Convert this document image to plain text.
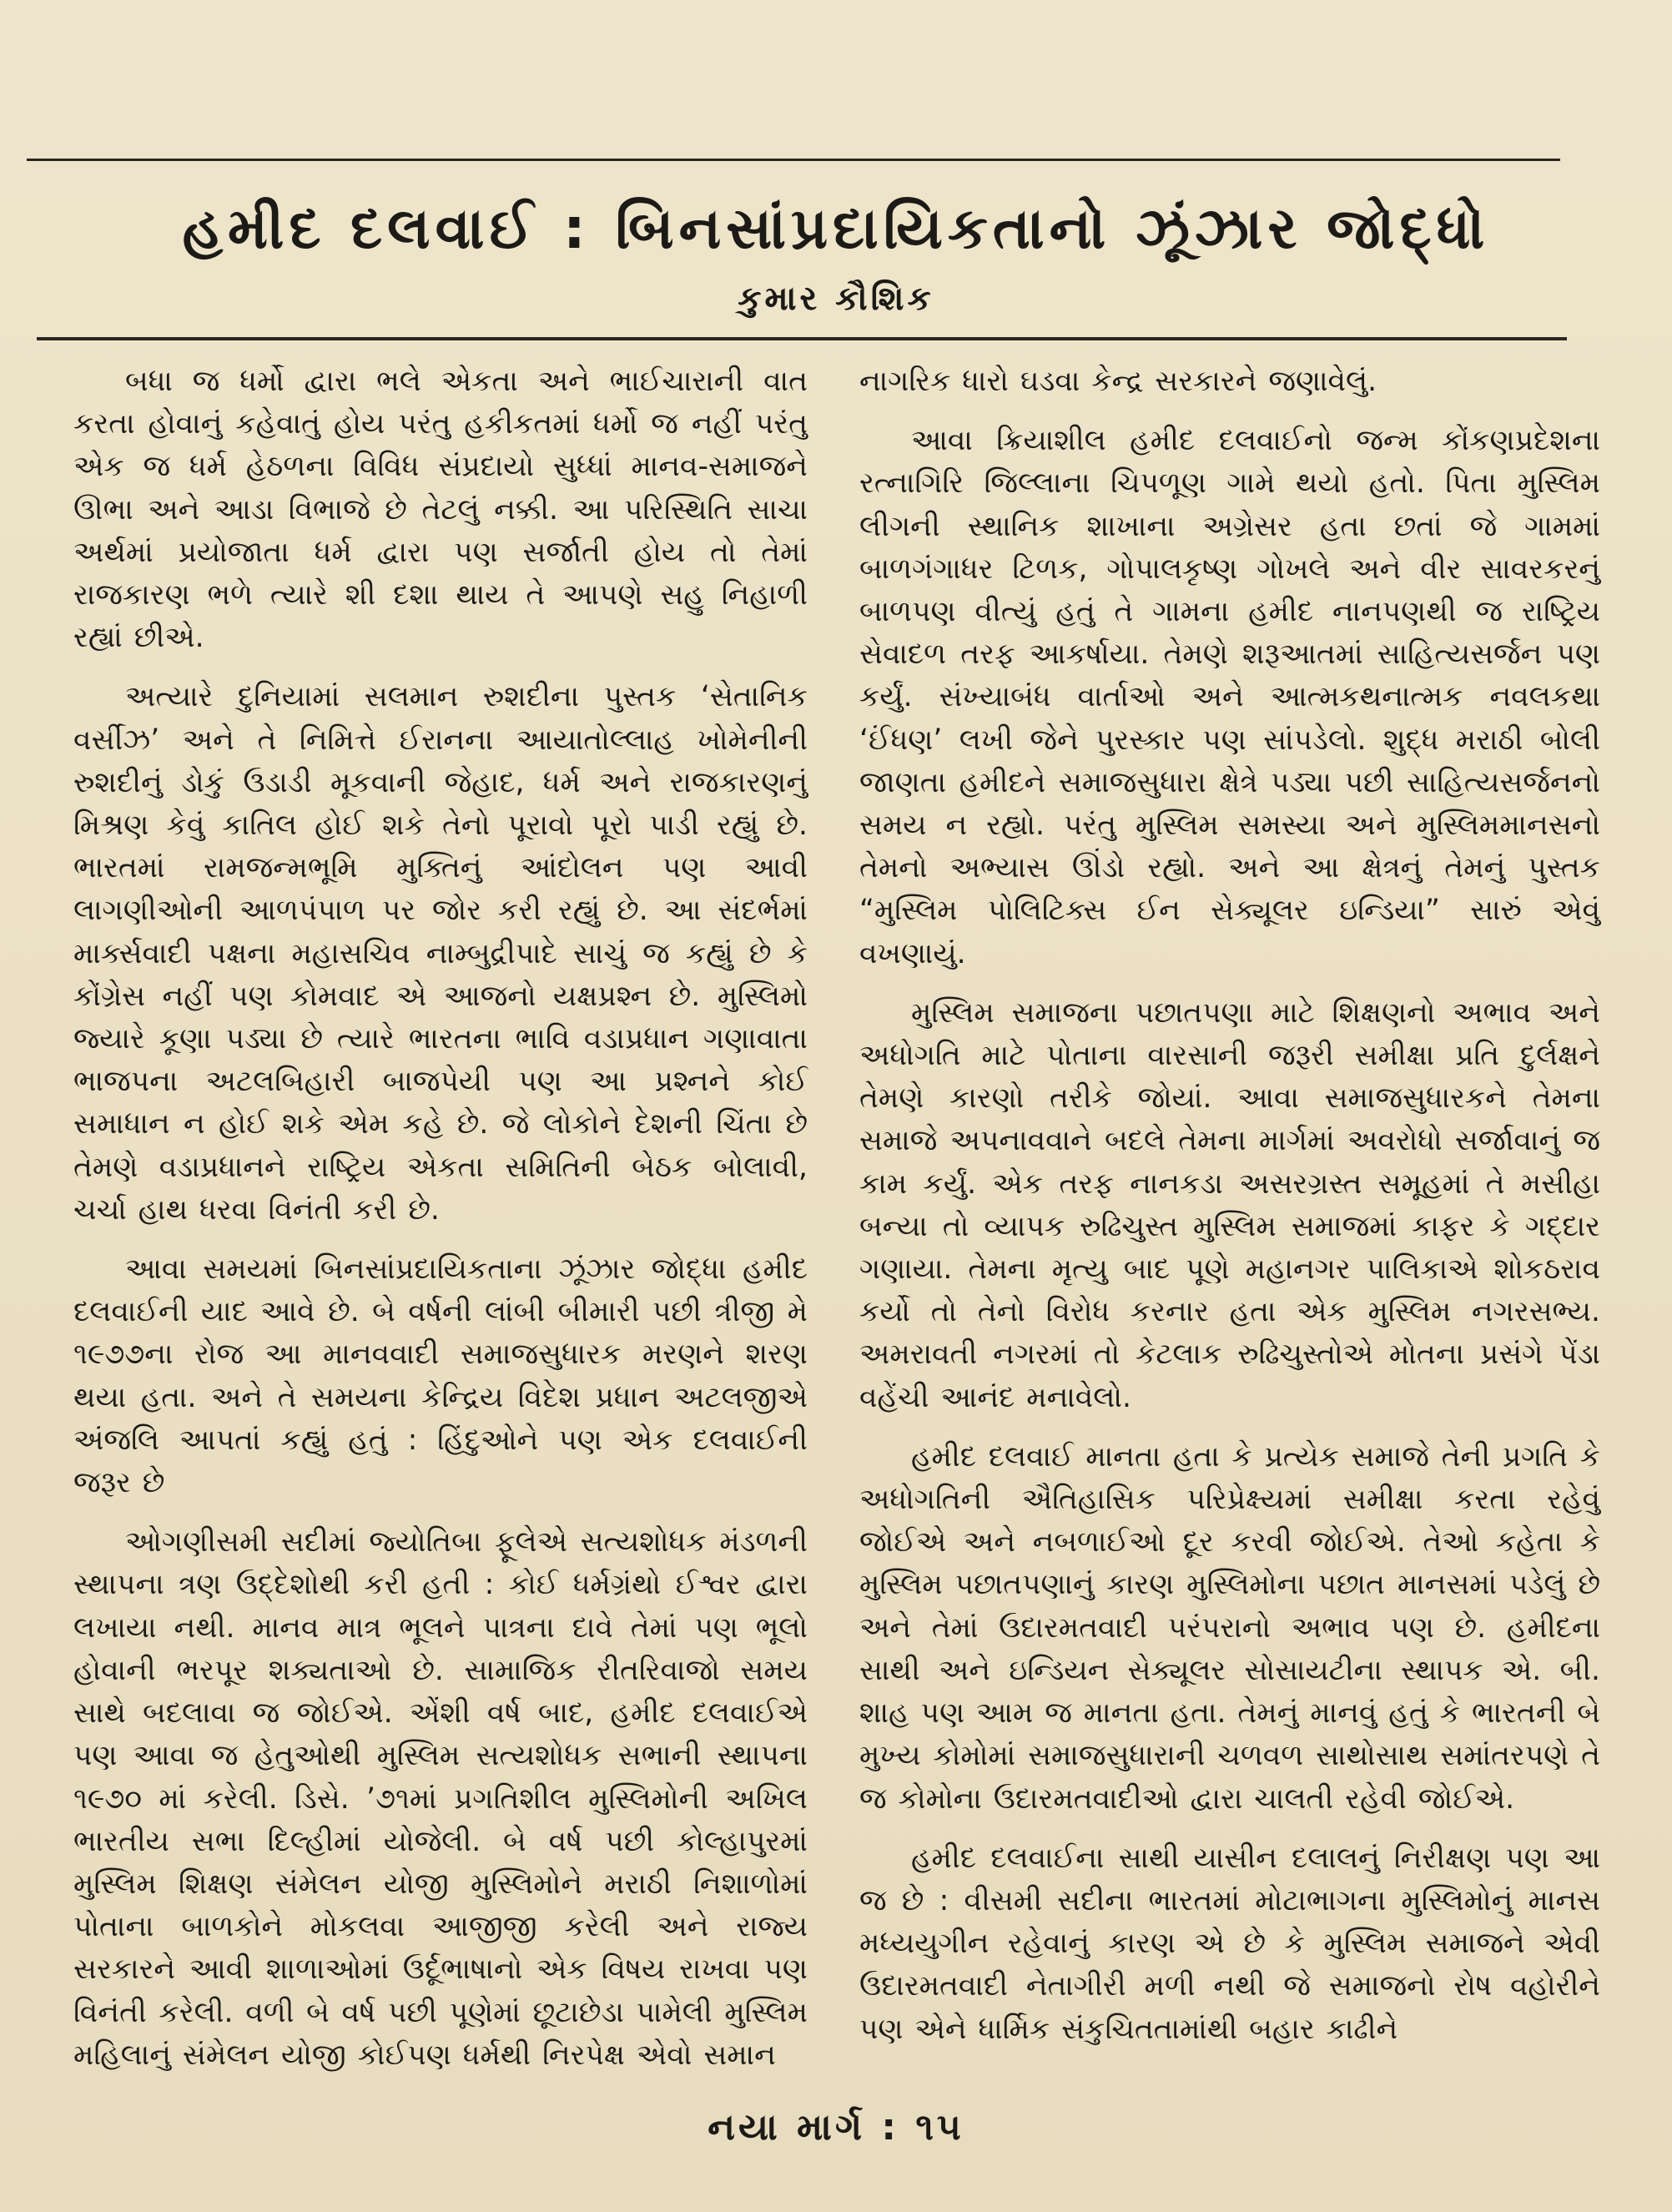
હમીદ દલવાઈ : બિનસાંપ્રદાયિકતાનો ઝૂંઝાર જોદ્ધો
કુમાર કૌશિક

બધા જ ધર્મો દ્વારા ભલે એકતા અને ભાઈચારાની વાત કરતા હોવાનું કહેવાતું હોય પરંતુ હકીકતમાં ધર્મો જ નહીં પરંતુ એક જ ધર્મ હેઠળના વિવિધ સંપ્રદાયો સુધ્ધાં માનવ-સમાજને ઊભા અને આડા વિભાજે છે તેટલું નક્કી. આ પરિસ્થિતિ સાચા અર્થમાં પ્રયોજાતા ધર્મ દ્વારા પણ સર્જાતી હોય તો તેમાં રાજકારણ ભળે ત્યારે શી દશા થાય તે આપણે સહુ નિહાળી રહ્યાં છીએ.

અત્યારે દુનિયામાં સલમાન રુશદીના પુસ્તક ‘સેતાનિક વર્સીઝ’ અને તે નિમિત્તે ઈરાનના આયાતોલ્લાહ ખોમેનીની રુશદીનું ડોકું ઉડાડી મૂકવાની જેહાદ, ધર્મ અને રાજકારણનું મિશ્રણ કેવું કાતિલ હોઈ શકે તેનો પૂરાવો પૂરો પાડી રહ્યું છે. ભારતમાં રામજન્મભૂમિ મુક્તિનું આંદોલન પણ આવી લાગણીઓની આળપંપાળ પર જોર કરી રહ્યું છે. આ સંદર્ભમાં માર્ક્સવાદી પક્ષના મહાસચિવ નામ્બુદ્રીપાદે સાચું જ કહ્યું છે કે કોંગ્રેસ નહીં પણ કોમવાદ એ આજનો યક્ષપ્રશ્ન છે. મુસ્લિમો જ્યારે કૂણા પડ્યા છે ત્યારે ભારતના ભાવિ વડાપ્રધાન ગણાવાતા ભાજપના અટલબિહારી બાજપેયી પણ આ પ્રશ્નને કોઈ સમાધાન ન હોઈ શકે એમ કહે છે. જે લોકોને દેશની ચિંતા છે તેમણે વડાપ્રધાનને રાષ્ટ્રિય એકતા સમિતિની બેઠક બોલાવી, ચર્ચા હાથ ધરવા વિનંતી કરી છે.

આવા સમયમાં બિનસાંપ્રદાયિકતાના ઝૂંઝાર જોદ્ધા હમીદ દલવાઈની યાદ આવે છે. બે વર્ષની લાંબી બીમારી પછી ત્રીજી મે ૧૯૭૭ના રોજ આ માનવવાદી સમાજસુધારક મરણને શરણ થયા હતા. અને તે સમયના કેન્દ્રિય વિદેશ પ્રધાન અટલજીએ અંજલિ આપતાં કહ્યું હતું : હિંદુઓને પણ એક દલવાઈની જરૂર છે

ઓગણીસમી સદીમાં જ્યોતિબા ફૂલેએ સત્યશોધક મંડળની સ્થાપના ત્રણ ઉદ્દેશોથી કરી હતી : કોઈ ધર્મગ્રંથો ઈશ્વર દ્વારા લખાયા નથી. માનવ માત્ર ભૂલને પાત્રના દાવે તેમાં પણ ભૂલો હોવાની ભરપૂર શક્યતાઓ છે. સામાજિક રીતરિવાજો સમય સાથે બદલાવા જ જોઈએ. એંશી વર્ષ બાદ, હમીદ દલવાઈએ પણ આવા જ હેતુઓથી મુસ્લિમ સત્યશોધક સભાની સ્થાપના ૧૯૭૦ માં કરેલી. ડિસે. ’૭૧માં પ્રગતિશીલ મુસ્લિમોની અખિલ ભારતીય સભા દિલ્હીમાં યોજેલી. બે વર્ષ પછી કોલ્હાપુરમાં મુસ્લિમ શિક્ષણ સંમેલન યોજી મુસ્લિમોને મરાઠી નિશાળોમાં પોતાના બાળકોને મોકલવા આજીજી કરેલી અને રાજ્ય સરકારને આવી શાળાઓમાં ઉર્દૂભાષાનો એક વિષય રાખવા પણ વિનંતી કરેલી. વળી બે વર્ષ પછી પૂણેમાં છૂટાછેડા પામેલી મુસ્લિમ મહિલાનું સંમેલન યોજી કોઈપણ ધર્મથી નિરપેક્ષ એવો સમાન

નાગરિક ધારો ઘડવા કેન્દ્ર સરકારને જણાવેલું.

આવા ક્રિયાશીલ હમીદ દલવાઈનો જન્મ કોંકણપ્રદેશના રત્નાગિરિ જિલ્લાના ચિપળૂણ ગામે થયો હતો. પિતા મુસ્લિમ લીગની સ્થાનિક શાખાના અગ્રેસર હતા છતાં જે ગામમાં બાળગંગાધર ટિળક, ગોપાલકૃષ્ણ ગોખલે અને વીર સાવરકરનું બાળપણ વીત્યું હતું તે ગામના હમીદ નાનપણથી જ રાષ્ટ્રિય સેવાદળ તરફ આકર્ષાયા. તેમણે શરૂઆતમાં સાહિત્યસર્જન પણ કર્યું. સંખ્યાબંધ વાર્તાઓ અને આત્મકથનાત્મક નવલકથા ‘ઈંધણ’ લખી જેને પુરસ્કાર પણ સાંપડેલો. શુદ્ધ મરાઠી બોલી જાણતા હમીદને સમાજસુધારા ક્ષેત્રે પડ્યા પછી સાહિત્યસર્જનનો સમય ન રહ્યો. પરંતુ મુસ્લિમ સમસ્યા અને મુસ્લિમમાનસનો તેમનો અભ્યાસ ઊંડો રહ્યો. અને આ ક્ષેત્રનું તેમનું પુસ્તક “મુસ્લિમ પોલિટિક્સ ઈન સેક્યૂલર ઇન્ડિયા” સારું એવું વખણાયું.

મુસ્લિમ સમાજના પછાતપણા માટે શિક્ષણનો અભાવ અને અધોગતિ માટે પોતાના વારસાની જરૂરી સમીક્ષા પ્રતિ દુર્લક્ષને તેમણે કારણો તરીકે જોયાં. આવા સમાજસુધારકને તેમના સમાજે અપનાવવાને બદલે તેમના માર્ગમાં અવરોધો સર્જાવાનું જ કામ કર્યું. એક તરફ નાનકડા અસરગ્રસ્ત સમૂહમાં તે મસીહા બન્યા તો વ્યાપક રુઢિચુસ્ત મુસ્લિમ સમાજમાં કાફર કે ગદ્દાર ગણાયા. તેમના મૃત્યુ બાદ પૂણે મહાનગર પાલિકાએ શોકઠરાવ કર્યો તો તેનો વિરોધ કરનાર હતા એક મુસ્લિમ નગરસભ્ય. અમરાવતી નગરમાં તો કેટલાક રુઢિચુસ્તોએ મોતના પ્રસંગે પેંડા વહેંચી આનંદ મનાવેલો.

હમીદ દલવાઈ માનતા હતા કે પ્રત્યેક સમાજે તેની પ્રગતિ કે અધોગતિની ઐતિહાસિક પરિપ્રેક્ષ્યમાં સમીક્ષા કરતા રહેવું જોઈએ અને નબળાઈઓ દૂર કરવી જોઈએ. તેઓ કહેતા કે મુસ્લિમ પછાતપણાનું કારણ મુસ્લિમોના પછાત માનસમાં પડેલું છે અને તેમાં ઉદારમતવાદી પરંપરાનો અભાવ પણ છે. હમીદના સાથી અને ઇન્ડિયન સેક્યૂલર સોસાયટીના સ્થાપક એ. બી. શાહ પણ આમ જ માનતા હતા. તેમનું માનવું હતું કે ભારતની બે મુખ્ય કોમોમાં સમાજસુધારાની ચળવળ સાથોસાથ સમાંતરપણે તે જ કોમોના ઉદારમતવાદીઓ દ્વારા ચાલતી રહેવી જોઈએ.

હમીદ દલવાઈના સાથી યાસીન દલાલનું નિરીક્ષણ પણ આ જ છે : વીસમી સદીના ભારતમાં મોટાભાગના મુસ્લિમોનું માનસ મધ્યયુગીન રહેવાનું કારણ એ છે કે મુસ્લિમ સમાજને એવી ઉદારમતવાદી નેતાગીરી મળી નથી જે સમાજનો રોષ વહોરીને પણ એને ધાર્મિક સંકુચિતતામાંથી બહાર કાઢીને

નયા માર્ગ : ૧૫
